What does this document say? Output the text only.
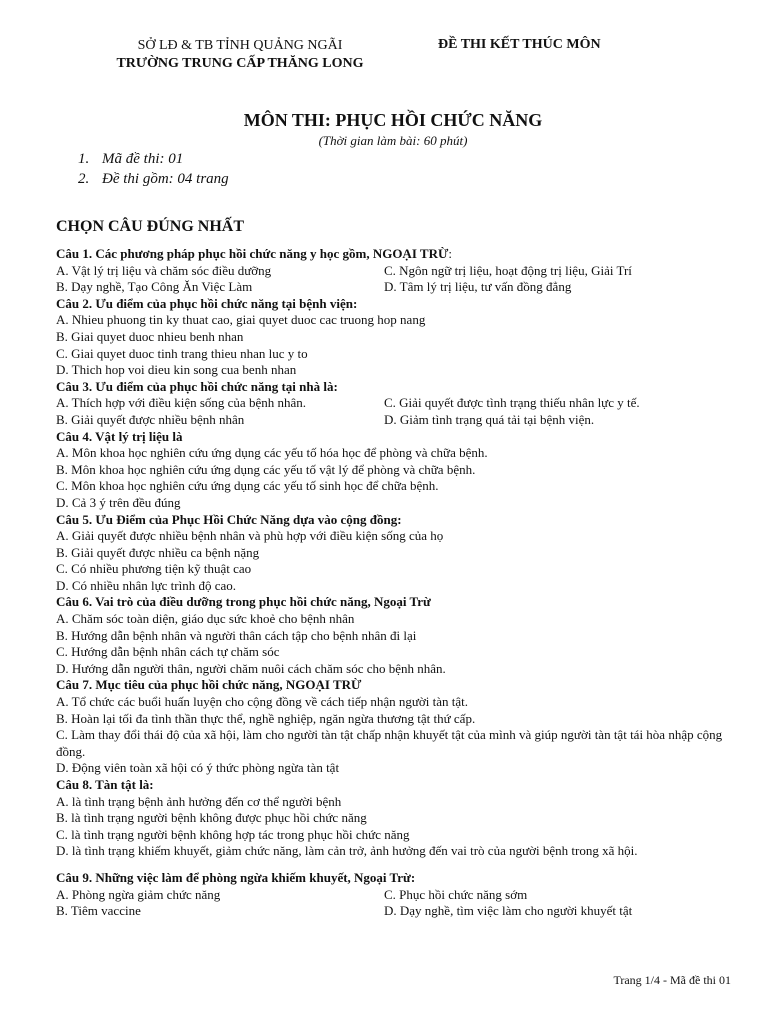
SỞ LĐ & TB TỈNH QUẢNG NGÃI
TRƯỜNG TRUNG CẤP THĂNG LONG
ĐỀ THI KẾT THÚC MÔN
MÔN THI: PHỤC HỒI CHỨC NĂNG
(Thời gian làm bài: 60 phút)
1. Mã đề thi: 01
2. Đề thi gồm: 04 trang
CHỌN CÂU ĐÚNG NHẤT
Câu 1. Các phương pháp phục hồi chức năng y học gồm, NGOẠI TRỪ:
A. Vật lý trị liệu và chăm sóc điều dưỡng	C. Ngôn ngữ trị liệu, hoạt động trị liệu, Giải Trí
B. Dạy nghề, Tạo Công Ăn Việc Làm	D. Tâm lý trị liệu, tư vấn đồng đẳng
Câu 2. Ưu điểm của phục hồi chức năng tại bệnh viện:
A. Nhieu phuong tin ky thuat cao, giai quyet duoc cac truong hop nang
B. Giai quyet duoc nhieu benh nhan
C. Giai quyet duoc tinh trang thieu nhan luc y to
D. Thich hop voi dieu kin song cua benh nhan
Câu 3. Ưu điểm của phục hồi chức năng tại nhà là:
A. Thích hợp với điều kiện sống của bệnh nhân.	C. Giải quyết được tình trạng thiếu nhân lực y tế.
B. Giải quyết được nhiều bệnh nhân	D. Giảm tình trạng quá tải tại bệnh viện.
Câu 4. Vật lý trị liệu là
A. Môn khoa học nghiên cứu ứng dụng các yếu tố hóa học để phòng và chữa bệnh.
B. Môn khoa học nghiên cứu ứng dụng các yếu tố vật lý để phòng và chữa bệnh.
C. Môn khoa học nghiên cứu ứng dụng các yếu tố sinh học để chữa bệnh.
D. Cả 3 ý trên đều đúng
Câu 5. Ưu Điểm của Phục Hồi Chức Năng dựa vào cộng đồng:
A. Giải quyết được nhiều bệnh nhân và phù hợp với điều kiện sống của họ
B. Giải quyết được nhiều ca bệnh nặng
C. Có nhiều phương tiện kỹ thuật cao
D. Có nhiều nhân lực trình độ cao.
Câu 6. Vai trò của điều dưỡng trong phục hồi chức năng, Ngoại Trừ
A. Chăm sóc toàn diện, giáo dục sức khoẻ cho bệnh nhân
B. Hướng dẫn bệnh nhân và người thân cách tập cho bệnh nhân đi lại
C. Hướng dẫn bệnh nhân cách tự chăm sóc
D. Hướng dẫn người thân, người chăm nuôi cách chăm sóc cho bệnh nhân.
Câu 7. Mục tiêu của phục hồi chức năng, NGOẠI TRỪ
A. Tổ chức các buổi huấn luyện cho cộng đồng về cách tiếp nhận người tàn tật.
B. Hoàn lại tối đa tình thần thực thể, nghề nghiệp, ngăn ngừa thương tật thứ cấp.
C. Làm thay đổi thái độ của xã hội, làm cho người tàn tật chấp nhận khuyết tật của mình và giúp người tàn tật tái hòa nhập cộng đồng.
D. Động viên toàn xã hội có ý thức phòng ngừa tàn tật
Câu 8. Tàn tật là:
A. là tình trạng bệnh ảnh hưởng đến cơ thể người bệnh
B. là tình trạng người bệnh không được phục hồi chức năng
C. là tình trạng người bệnh không hợp tác trong phục hồi chức năng
D. là tình trạng khiếm khuyết, giảm chức năng, làm cản trở, ảnh hưởng đến vai trò của người bệnh trong xã hội.
Câu 9. Những việc làm để phòng ngừa khiếm khuyết, Ngoại Trừ:
A. Phòng ngừa giảm chức năng	C. Phục hồi chức năng sớm
B. Tiêm vaccine	D. Dạy nghề, tìm việc làm cho người khuyết tật
Trang 1/4 - Mã đề thi 01
